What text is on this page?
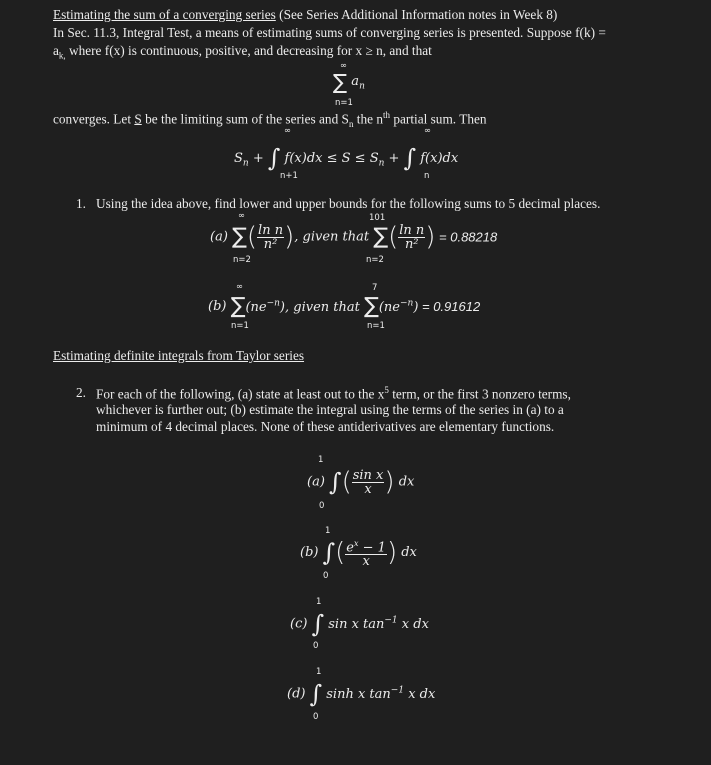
Estimating the sum of a converging series (See Series Additional Information notes in Week 8)
In Sec. 11.3, Integral Test, a means of estimating sums of converging series is presented. Suppose f(k) =
$a_{k,}$ where f(x) is continuous, positive, and decreasing for x ≥ n, and that
∞
∑ $a_n$
n=1
converges. Let S be the limiting sum of the series and $S_n$ the $n^{th}$ partial sum. Then
∞	∞
$S_n$ + ∫ $f(x)dx \le S \le S_n$ + ∫ f(x)dx
n+1	n
1. Using the idea above, find lower and upper bounds for the following sums to 5 decimal places.
∞	101
(a) ∑( $\frac{\text{ln n}}{\text{n²}}$ ), given that ∑( $\frac{\text{ln n}}{\text{n²}}$ ) = 0.88218
n=2	n=2
∞	7
(b) $\sum(ne^{-n})$, given that $\sum(ne^{-n}) = 0.91612$
n=1	n=1
Estimating definite integrals from Taylor series
2. For each of the following, (a) state at least out to the $x^5$ term, or the first 3 nonzero terms,
whichever is further out; (b) estimate the integral using the terms of the series in (a) to a
minimum of 4 decimal places. None of these antiderivatives are elementary functions.
1
(a) ∫( $\frac{\text{sin x}}{x}$ ) dx
0
1
(b) ∫( $\frac{e^x - 1}{x}$ ) dx
0
1
(c) ∫ sin x $\tan^{-1} x$ dx
0
1
(d) ∫ sinh x $\tan^{-1} x$ dx
0
